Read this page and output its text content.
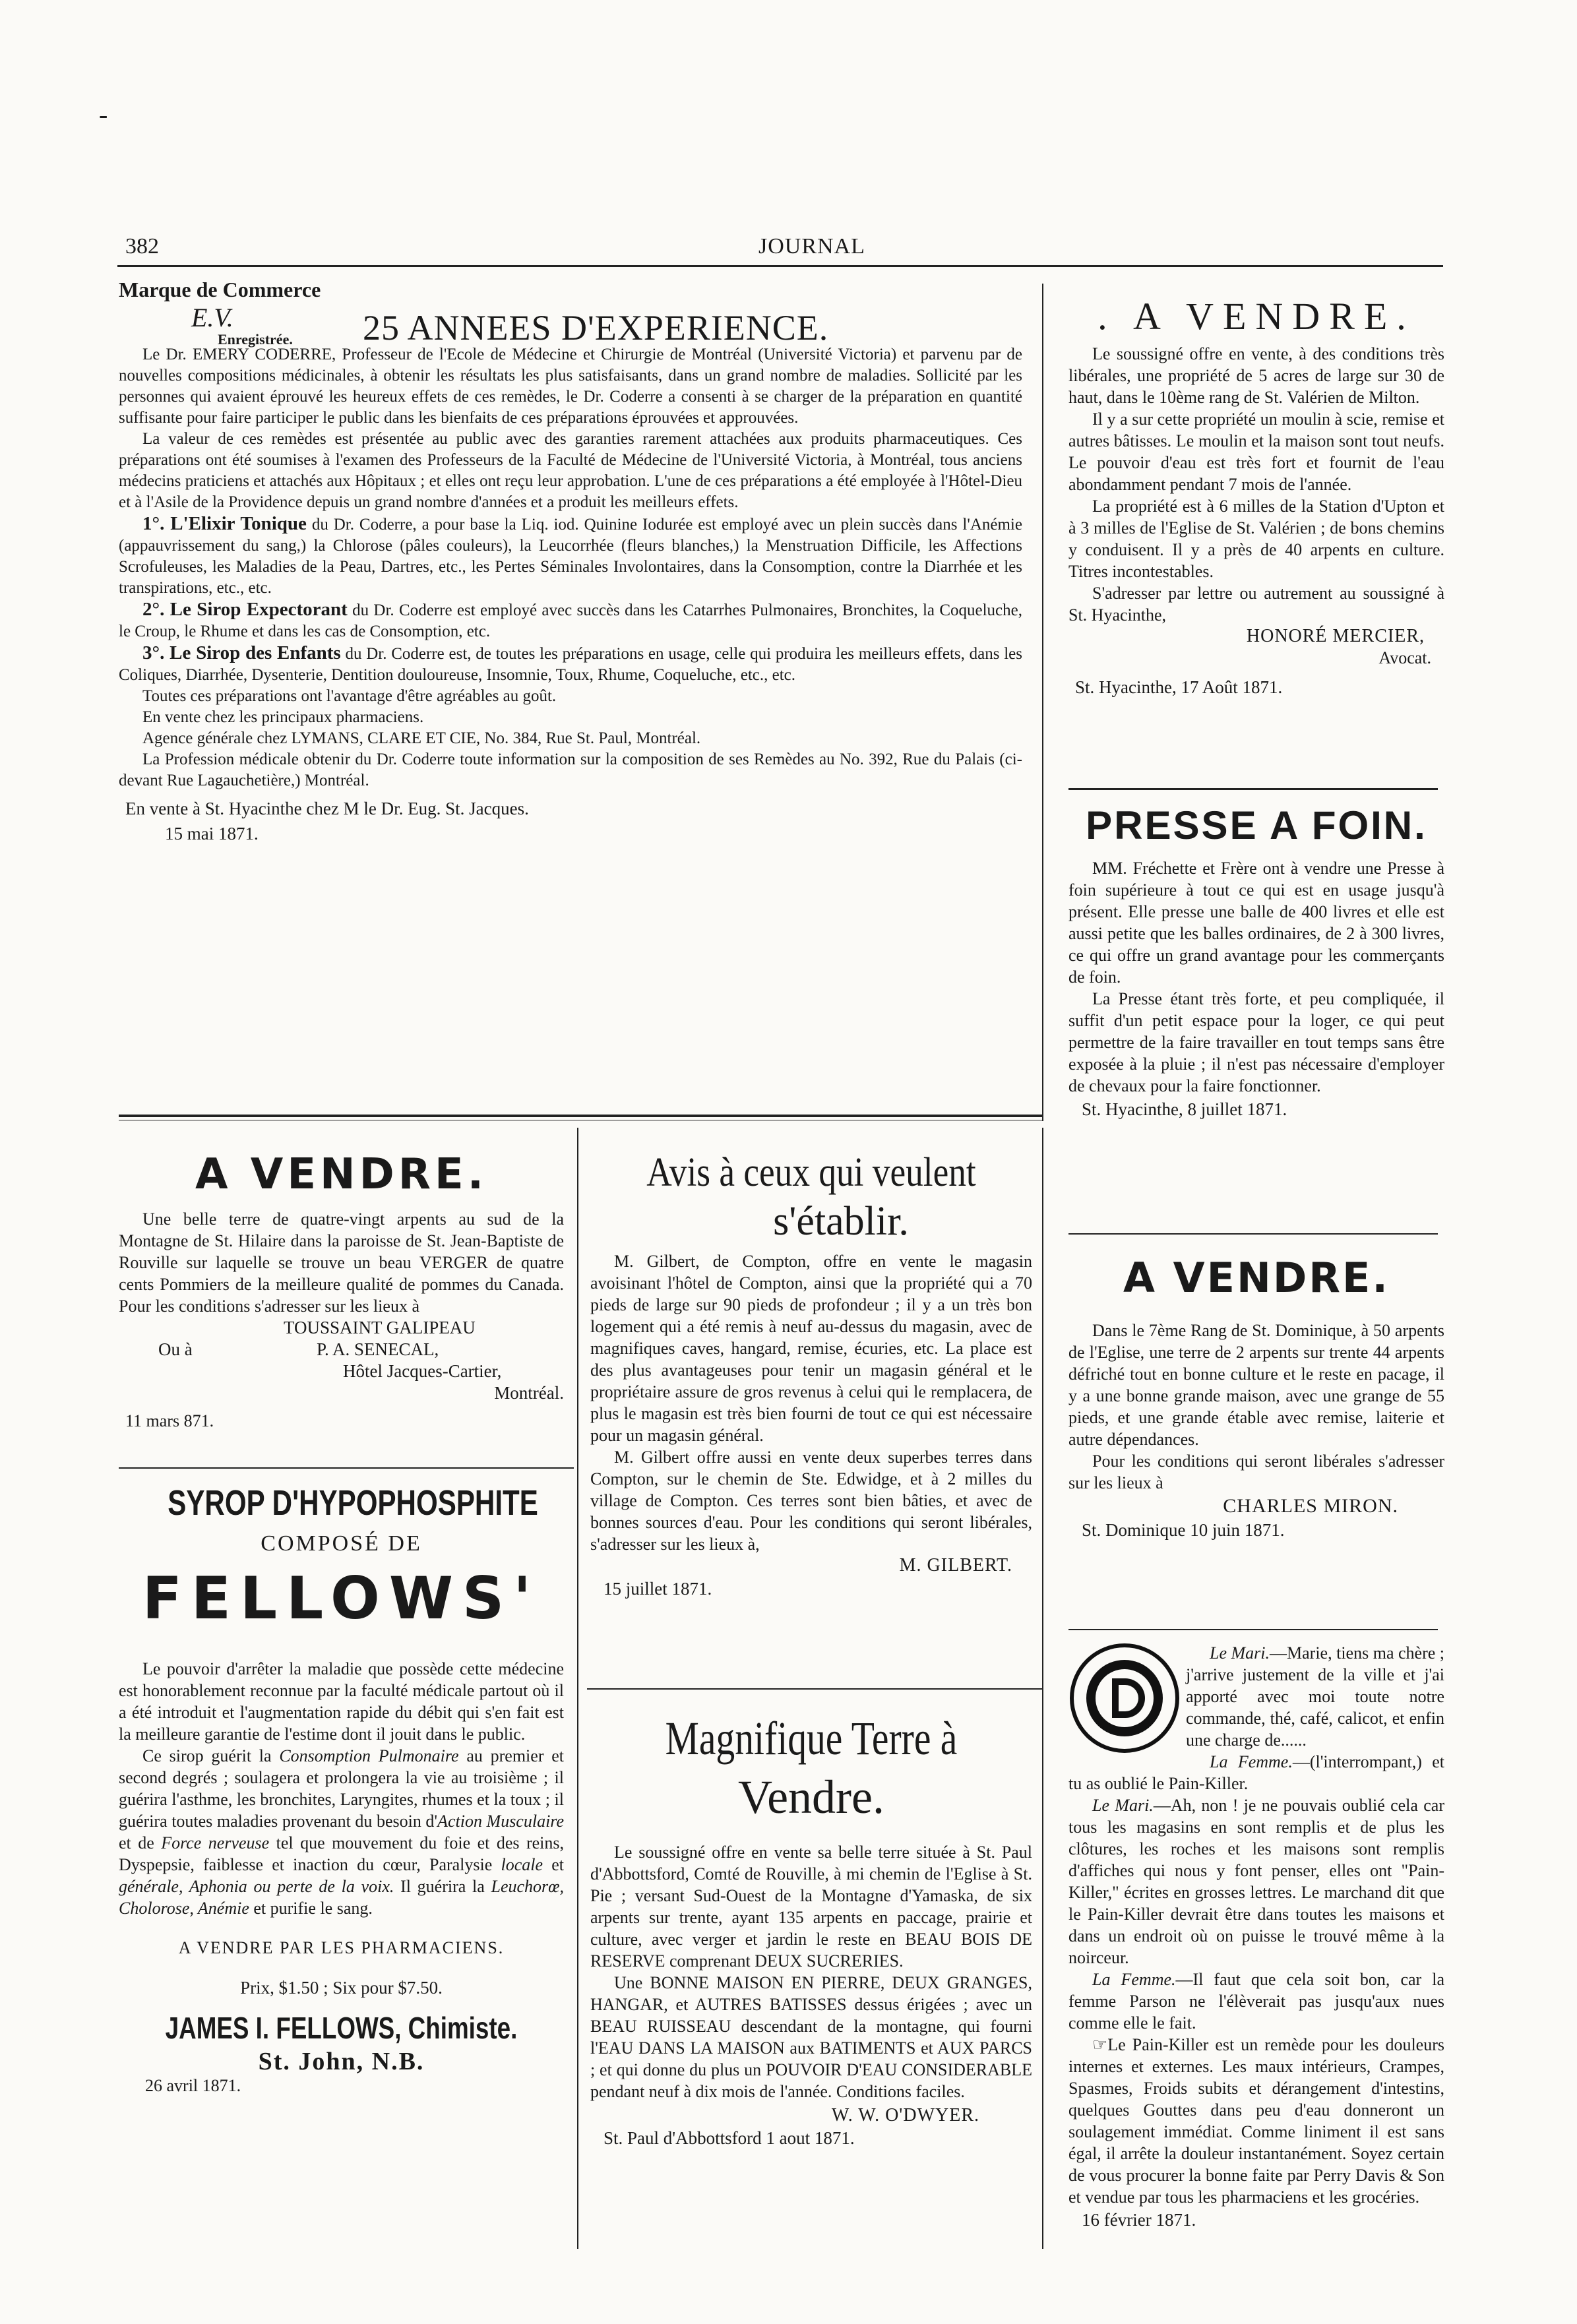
-
382	JOURNAL
Marque de Commerce
E.V.	25 ANNEES D'EXPERIENCE.
Enregistrée.
Le Dr. EMERY CODERRE, Professeur de l'Ecole de Médecine et Chirurgie de Montréal (Université Victoria) et parvenu par de nouvelles compositions médicinales, à obtenir les résultats les plus satisfaisants, dans un grand nombre de maladies. Sollicité par les personnes qui avaient éprouvé les heureux effets de ces remèdes, le Dr. Coderre a consenti à se charger de la préparation en quantité suffisante pour faire participer le public dans les bienfaits de ces préparations éprouvées et approuvées.
La valeur de ces remèdes est présentée au public avec des garanties rarement attachées aux produits pharmaceutiques. Ces préparations ont été soumises à l'examen des Professeurs de la Faculté de Médecine de l'Université Victoria, à Montréal, tous anciens médecins praticiens et attachés aux Hôpitaux ; et elles ont reçu leur approbation. L'une de ces préparations a été employée à l'Hôtel-Dieu et à l'Asile de la Providence depuis un grand nombre d'années et a produit les meilleurs effets.
1°. L'Elixir Tonique du Dr. Coderre, a pour base la Liq. iod. Quinine Iodurée est employé avec un plein succès dans l'Anémie (appauvrissement du sang,) la Chlorose (pâles couleurs), la Leucorrhée (fleurs blanches,) la Menstruation Difficile, les Affections Scrofuleuses, les Maladies de la Peau, Dartres, etc., les Pertes Séminales Involontaires, dans la Consomption, contre la Diarrhée et les transpirations, etc., etc.
2°. Le Sirop Expectorant du Dr. Coderre est employé avec succès dans les Catarrhes Pulmonaires, Bronchites, la Coqueluche, le Croup, le Rhume et dans les cas de Consomption, etc.
3°. Le Sirop des Enfants du Dr. Coderre est, de toutes les préparations en usage, celle qui produira les meilleurs effets, dans les Coliques, Diarrhée, Dysenterie, Dentition douloureuse, Insomnie, Toux, Rhume, Coqueluche, etc., etc.
Toutes ces préparations ont l'avantage d'être agréables au goût.
En vente chez les principaux pharmaciens.
Agence générale chez LYMANS, CLARE ET CIE, No. 384, Rue St. Paul, Montréal.
La Profession médicale obtenir du Dr. Coderre toute information sur la composition de ses Remèdes au No. 392, Rue du Palais (ci-devant Rue Lagauchetière,) Montréal.
En vente à St. Hyacinthe chez M le Dr. Eug. St. Jacques.
15 mai 1871.
. A VENDRE.
Le soussigné offre en vente, à des conditions très libérales, une propriété de 5 acres de large sur 30 de haut, dans le 10ème rang de St. Valérien de Milton.
Il y a sur cette propriété un moulin à scie, remise et autres bâtisses. Le moulin et la maison sont tout neufs. Le pouvoir d'eau est très fort et fournit de l'eau abondamment pendant 7 mois de l'année.
La propriété est à 6 milles de la Station d'Upton et à 3 milles de l'Eglise de St. Valérien ; de bons chemins y conduisent. Il y a près de 40 arpents en culture. Titres incontestables.
S'adresser par lettre ou autrement au soussigné à St. Hyacinthe,
HONORÉ MERCIER,
Avocat.
St. Hyacinthe, 17 Août 1871.
PRESSE A FOIN.
MM. Fréchette et Frère ont à vendre une Presse à foin supérieure à tout ce qui est en usage jusqu'à présent. Elle presse une balle de 400 livres et elle est aussi petite que les balles ordinaires, de 2 à 300 livres, ce qui offre un grand avantage pour les commerçants de foin.
La Presse étant très forte, et peu compliquée, il suffit d'un petit espace pour la loger, ce qui peut permettre de la faire travailler en tout temps sans être exposée à la pluie ; il n'est pas nécessaire d'employer de chevaux pour la faire fonctionner.
St. Hyacinthe, 8 juillet 1871.
A VENDRE.
Une belle terre de quatre-vingt arpents au sud de la Montagne de St. Hilaire dans la paroisse de St. Jean-Baptiste de Rouville sur laquelle se trouve un beau VERGER de quatre cents Pommiers de la meilleure qualité de pommes du Canada. Pour les conditions s'adresser sur les lieux à
TOUSSAINT GALIPEAU
Ou à	P. A. SENECAL,
Hôtel Jacques-Cartier,
Montréal.
11 mars 871.
SYROP D'HYPOPHOSPHITE
COMPOSÉ DE
FELLOWS'
Le pouvoir d'arrêter la maladie que possède cette médecine est honorablement reconnue par la faculté médicale partout où il a été introduit et l'augmentation rapide du débit qui s'en fait est la meilleure garantie de l'estime dont il jouit dans le public.
Ce sirop guérit la Consomption Pulmonaire au premier et second degrés ; soulagera et prolongera la vie au troisième ; il guérira l'asthme, les bronchites, Laryngites, rhumes et la toux ; il guérira toutes maladies provenant du besoin d'Action Musculaire et de Force nerveuse tel que mouvement du foie et des reins, Dyspepsie, faiblesse et inaction du cœur, Paralysie locale et générale, Aphonia ou perte de la voix. Il guérira la Leuchorœ, Cholorose, Anémie et purifie le sang.
A VENDRE PAR LES PHARMACIENS.
Prix, $1.50 ; Six pour $7.50.
JAMES I. FELLOWS, Chimiste.
St. John, N.B.
26 avril 1871.
Avis à ceux qui veulent
s'établir.
M. Gilbert, de Compton, offre en vente le magasin avoisinant l'hôtel de Compton, ainsi que la propriété qui a 70 pieds de large sur 90 pieds de profondeur ; il y a un très bon logement qui a été remis à neuf au-dessus du magasin, avec de magnifiques caves, hangard, remise, écuries, etc. La place est des plus avantageuses pour tenir un magasin général et le propriétaire assure de gros revenus à celui qui le remplacera, de plus le magasin est très bien fourni de tout ce qui est nécessaire pour un magasin général.
M. Gilbert offre aussi en vente deux superbes terres dans Compton, sur le chemin de Ste. Edwidge, et à 2 milles du village de Compton. Ces terres sont bien bâties, et avec de bonnes sources d'eau. Pour les conditions qui seront libérales, s'adresser sur les lieux à,
M. GILBERT.
15 juillet 1871.
Magnifique Terre à
Vendre.
Le soussigné offre en vente sa belle terre située à St. Paul d'Abbottsford, Comté de Rouville, à mi chemin de l'Eglise à St. Pie ; versant Sud-Ouest de la Montagne d'Yamaska, de six arpents sur trente, ayant 135 arpents en paccage, prairie et culture, avec verger et jardin le reste en BEAU BOIS DE RESERVE comprenant DEUX SUCRERIES.
Une BONNE MAISON EN PIERRE, DEUX GRANGES, HANGAR, et AUTRES BATISSES dessus érigées ; avec un BEAU RUISSEAU descendant de la montagne, qui fourni l'EAU DANS LA MAISON aux BATIMENTS et AUX PARCS ; et qui donne du plus un POUVOIR D'EAU CONSIDERABLE pendant neuf à dix mois de l'année. Conditions faciles.
W. W. O'DWYER.
St. Paul d'Abbottsford 1 aout 1871.
A VENDRE.
Dans le 7ème Rang de St. Dominique, à 50 arpents de l'Eglise, une terre de 2 arpents sur trente 44 arpents défriché tout en bonne culture et le reste en pacage, il y a une bonne grande maison, avec une grange de 55 pieds, et une grande étable avec remise, laiterie et autre dépendances.
Pour les conditions qui seront libérales s'adresser sur les lieux à
CHARLES MIRON.
St. Dominique 10 juin 1871.
Le Mari.—Marie, tiens ma chère ; j'arrive justement de la ville et j'ai apporté avec moi toute notre commande, thé, café, calicot, et enfin une charge de......
La Femme.—(l'interrompant,) et tu as oublié le Pain-Killer.
Le Mari.—Ah, non ! je ne pouvais oublié cela car tous les magasins en sont remplis et de plus les clôtures, les roches et les maisons sont remplis d'affiches qui nous y font penser, elles ont "Pain-Killer," écrites en grosses lettres. Le marchand dit que le Pain-Killer devrait être dans toutes les maisons et dans un endroit où on puisse le trouvé même à la noirceur.
La Femme.—Il faut que cela soit bon, car la femme Parson ne l'élèverait pas jusqu'aux nues comme elle le fait.
☞Le Pain-Killer est un remède pour les douleurs internes et externes. Les maux intérieurs, Crampes, Spasmes, Froids subits et dérangement d'intestins, quelques Gouttes dans peu d'eau donneront un soulagement immédiat. Comme liniment il est sans égal, il arrête la douleur instantanément. Soyez certain de vous procurer la bonne faite par Perry Davis & Son et vendue par tous les pharmaciens et les grocéries.
16 février 1871.
